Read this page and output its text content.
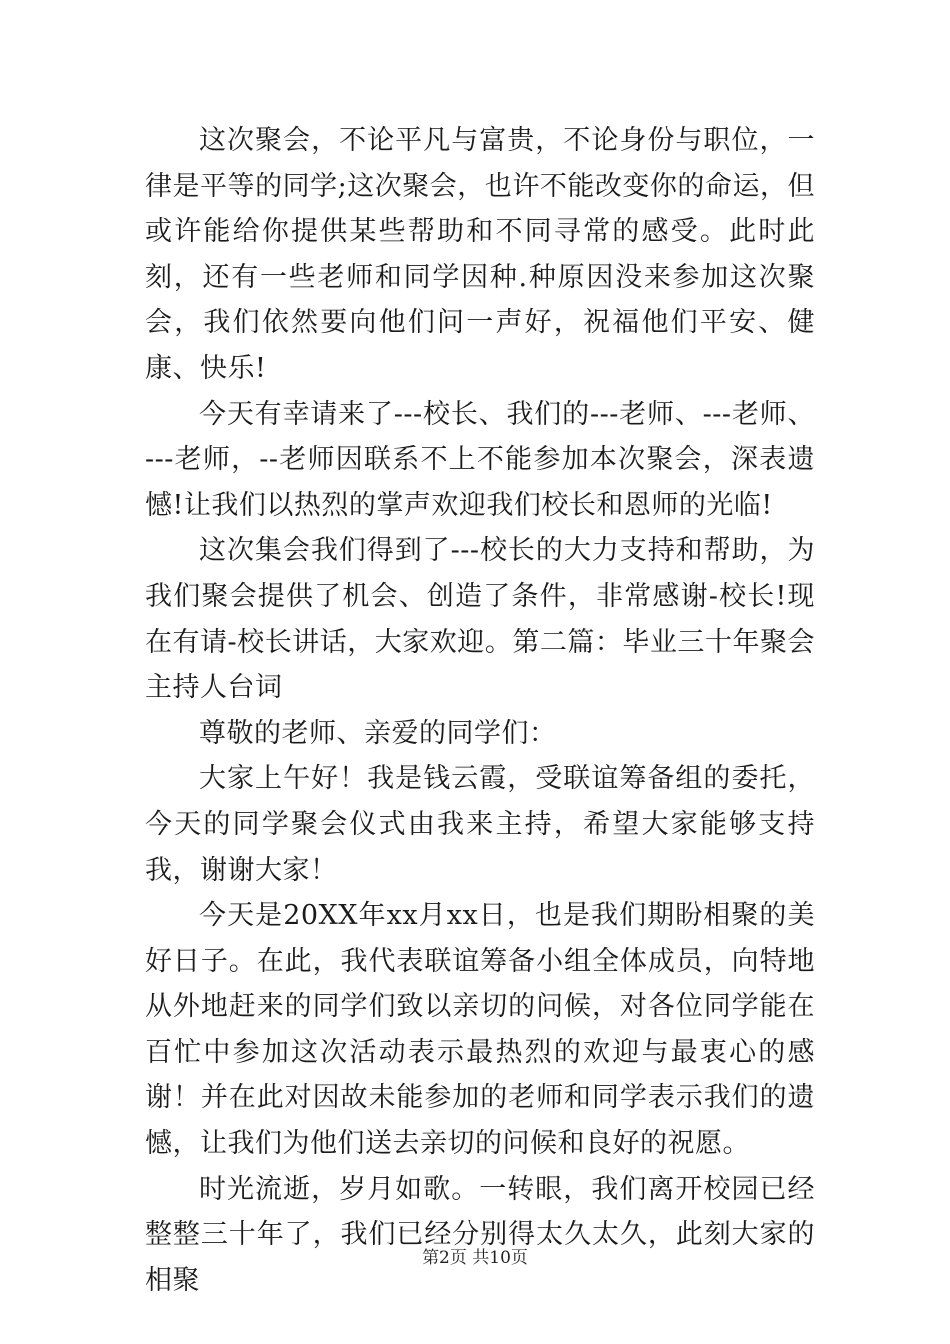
这次聚会，不论平凡与富贵，不论身份与职位，一律是平等的同学;这次聚会，也许不能改变你的命运，但或许能给你提供某些帮助和不同寻常的感受。此时此刻，还有一些老师和同学因种.种原因没来参加这次聚会，我们依然要向他们问一声好，祝福他们平安、健康、快乐!

今天有幸请来了---校长、我们的---老师、---老师、---老师，--老师因联系不上不能参加本次聚会，深表遗憾!让我们以热烈的掌声欢迎我们校长和恩师的光临!

这次集会我们得到了---校长的大力支持和帮助，为我们聚会提供了机会、创造了条件，非常感谢-校长!现在有请-校长讲话，大家欢迎。第二篇：毕业三十年聚会主持人台词

尊敬的老师、亲爱的同学们：

大家上午好！我是钱云霞，受联谊筹备组的委托，今天的同学聚会仪式由我来主持，希望大家能够支持我，谢谢大家！

今天是20XX年xx月xx日，也是我们期盼相聚的美好日子。在此，我代表联谊筹备小组全体成员，向特地从外地赶来的同学们致以亲切的问候，对各位同学能在百忙中参加这次活动表示最热烈的欢迎与最衷心的感谢！并在此对因故未能参加的老师和同学表示我们的遗憾，让我们为他们送去亲切的问候和良好的祝愿。

时光流逝，岁月如歌。一转眼，我们离开校园已经整整三十年了，我们已经分别得太久太久，此刻大家的相聚

第2页 共10页
